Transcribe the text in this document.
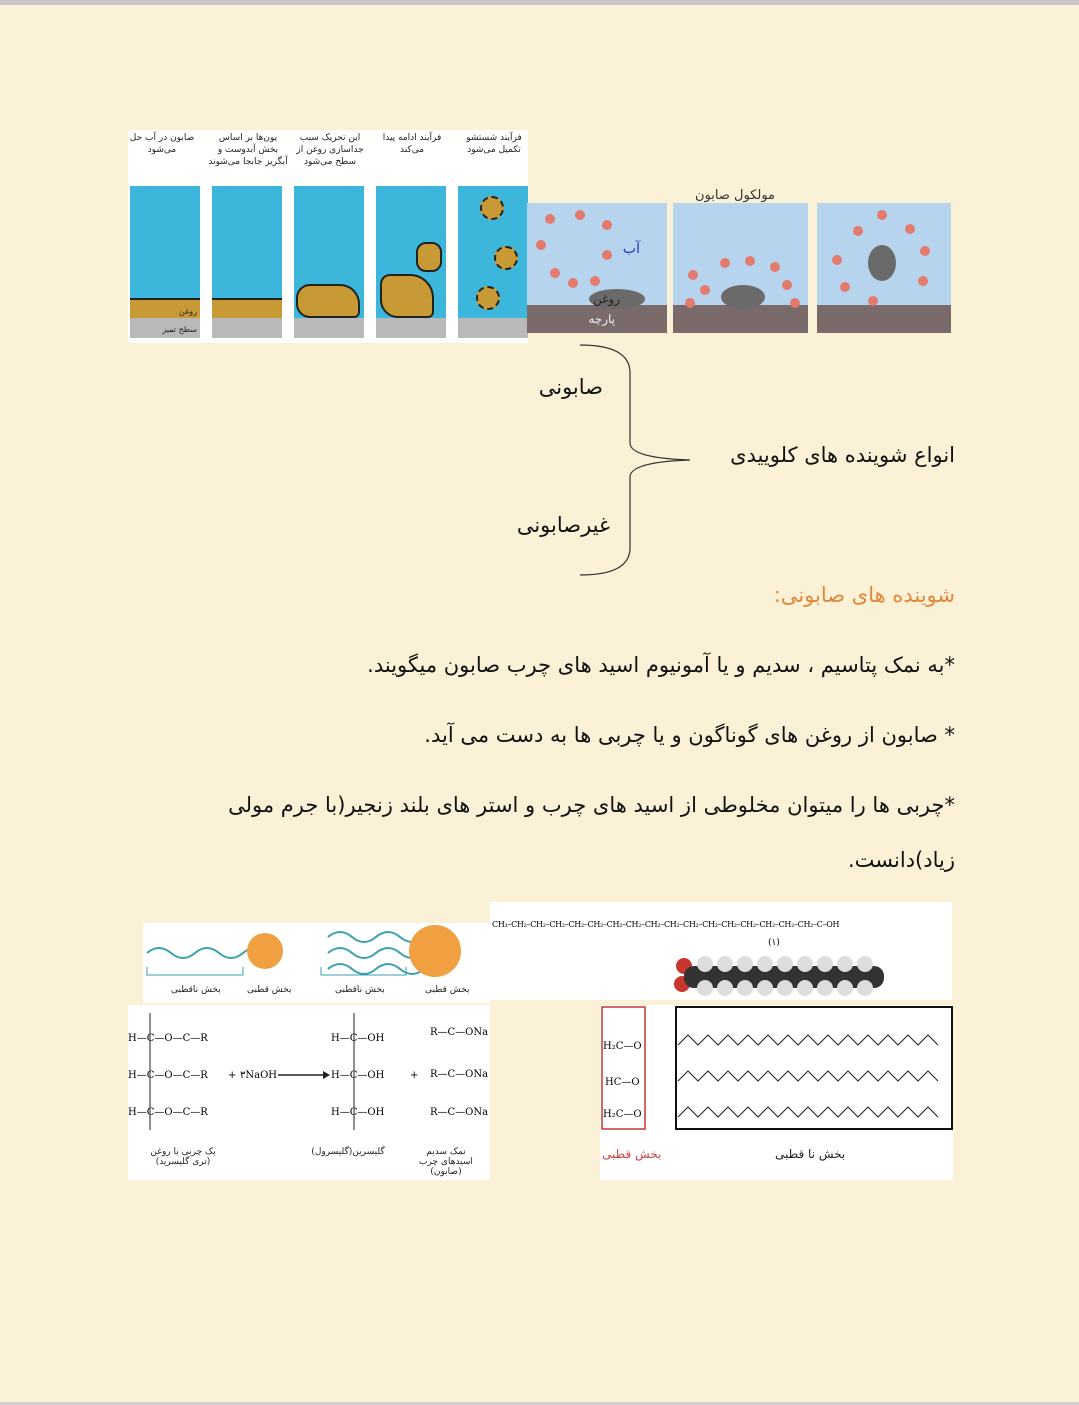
صابون در آب حل می‌شود
یون‌ها بر اساس بخش آبدوست و آبگریز جابجا می‌شوند
این تحریک سبب جداسازی روغن از سطح می‌شود
فرآیند ادامه پیدا می‌کند
فرآیند شستشو تکمیل می‌شود
روغن
سطح تمیز
مولکول صابون
آب
روغن
پارچه
صابونی
غیرصابونی
انواع شوینده های کلوییدی
شوینده های صابونی:
*به نمک پتاسیم ، سدیم و یا آمونیوم اسید های چرب صابون میگویند.
* صابون از روغن های گوناگون و یا چربی ها به دست می آید.
*چربی ها را میتوان مخلوطی از اسید های چرب و استر های بلند زنجیر(با جرم مولی
زیاد)دانست.
بخش ناقطبی	بخش قطبی	بخش ناقطبی	بخش قطبی
H—C—O—C—R
H—C—O—C—R
H—C—O—C—R
H—C—OH
H—C—OH
H—C—OH
R—C—ONa
R—C—ONa
R—C—ONa
+	+
۳NaOH
یک چربی یا روغن (تری گلیسرید)
گلیسرین(گلیسرول)	نمک سدیم اسیدهای چرب (صابون)
CH₃–CH₂–CH₂–CH₂–CH₂–CH₂–CH₂–CH₂–CH₂–CH₂–CH₂–CH₂–CH₂–CH₂–CH₂–CH₂–CH₂–C–OH
(۱)
H₂C—O
HC—O
H₂C—O
بخش قطبی	بخش نا قطبی
